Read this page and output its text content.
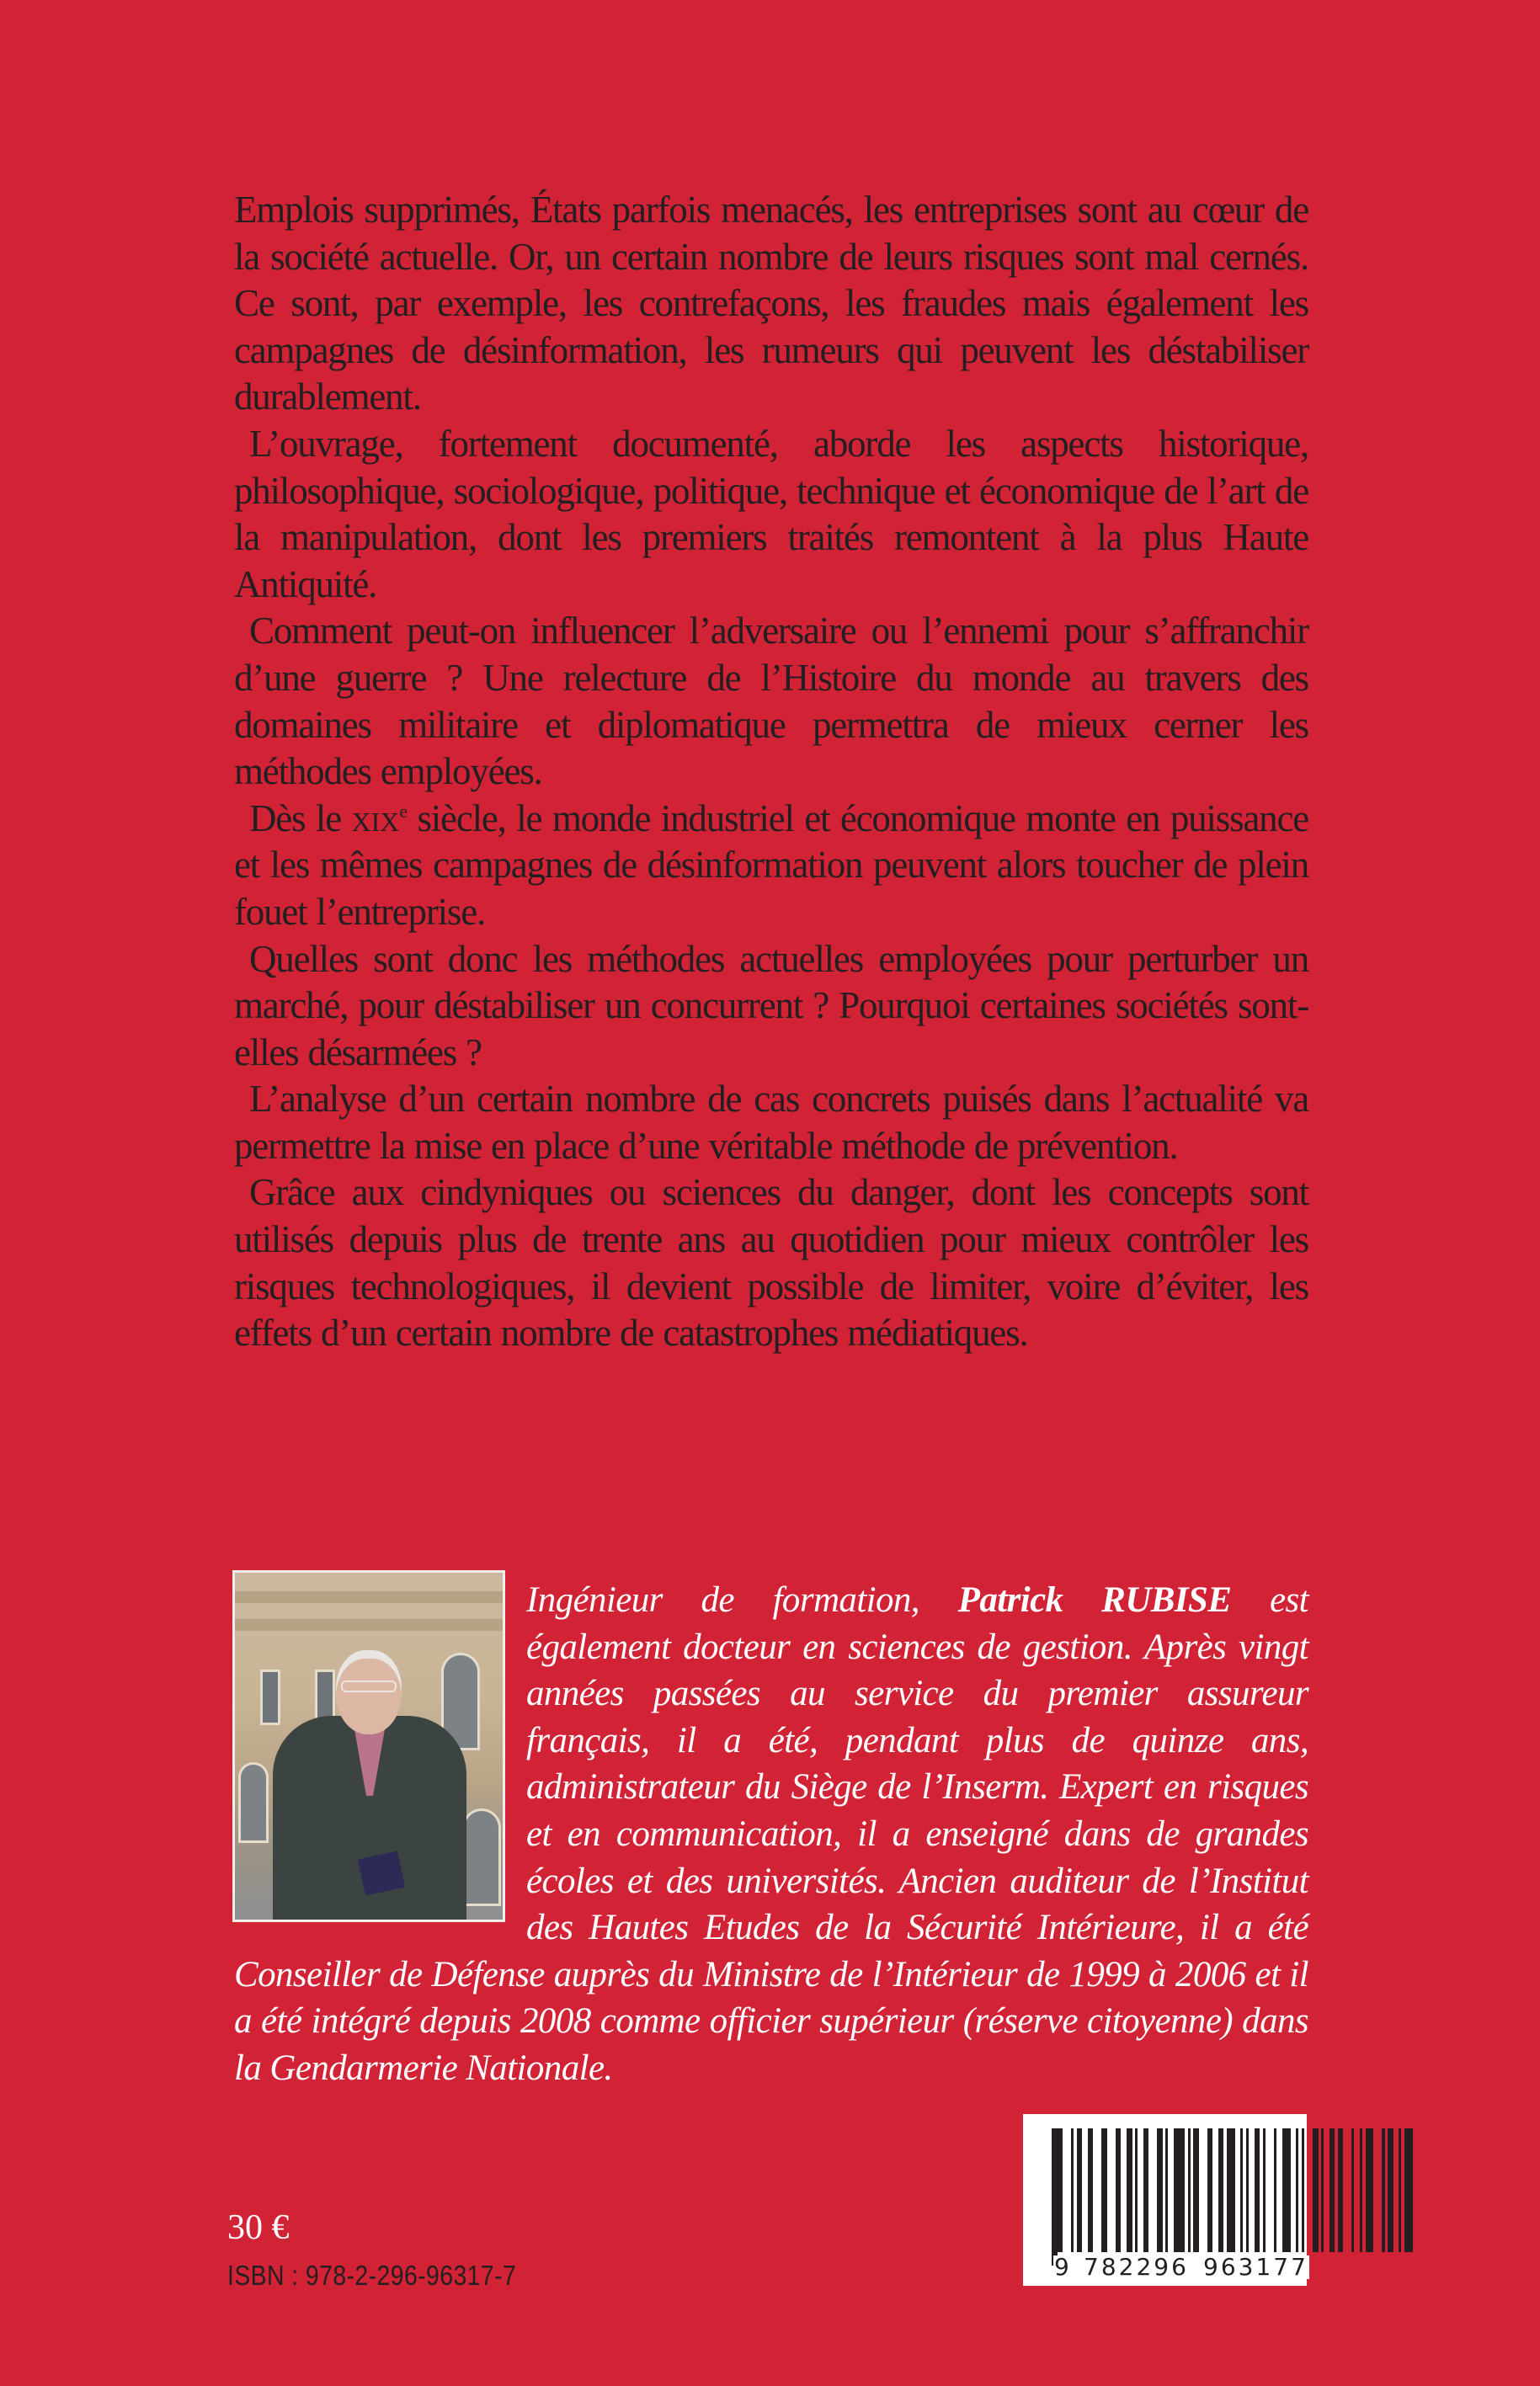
Emplois supprimés, États parfois menacés, les entreprises sont au cœur de la société actuelle. Or, un certain nombre de leurs risques sont mal cernés. Ce sont, par exemple, les contrefaçons, les fraudes mais également les campagnes de désinformation, les rumeurs qui peuvent les déstabiliser durablement.

L’ouvrage, fortement documenté, aborde les aspects historique, philosophique, sociologique, politique, technique et économique de l’art de la manipulation, dont les premiers traités remontent à la plus Haute Antiquité.

Comment peut-on influencer l’adversaire ou l’ennemi pour s’affranchir d’une guerre ? Une relecture de l’Histoire du monde au travers des domaines militaire et diplomatique permettra de mieux cerner les méthodes employées.

Dès le xix$^e$ siècle, le monde industriel et économique monte en puissance et les mêmes campagnes de désinformation peuvent alors toucher de plein fouet l’entreprise.

Quelles sont donc les méthodes actuelles employées pour perturber un marché, pour déstabiliser un concurrent ? Pourquoi certaines sociétés sont-elles désarmées ?

L’analyse d’un certain nombre de cas concrets puisés dans l’actualité va permettre la mise en place d’une véritable méthode de prévention.

Grâce aux cindyniques ou sciences du danger, dont les concepts sont utilisés depuis plus de trente ans au quotidien pour mieux contrôler les risques technologiques, il devient possible de limiter, voire d’éviter, les effets d’un certain nombre de catastrophes médiatiques.

Ingénieur de formation, Patrick RUBISE est également docteur en sciences de gestion. Après vingt années passées au service du premier assureur français, il a été, pendant plus de quinze ans, administrateur du Siège de l’Inserm. Expert en risques et en communication, il a enseigné dans de grandes écoles et des universités. Ancien auditeur de l’Institut des Hautes Etudes de la Sécurité Intérieure, il a été Conseiller de Défense auprès du Ministre de l’Intérieur de 1999 à 2006 et il a été intégré depuis 2008 comme officier supérieur (réserve citoyenne) dans la Gendarmerie Nationale.

30 €
ISBN : 978-2-296-96317-7	9 782296 963177
